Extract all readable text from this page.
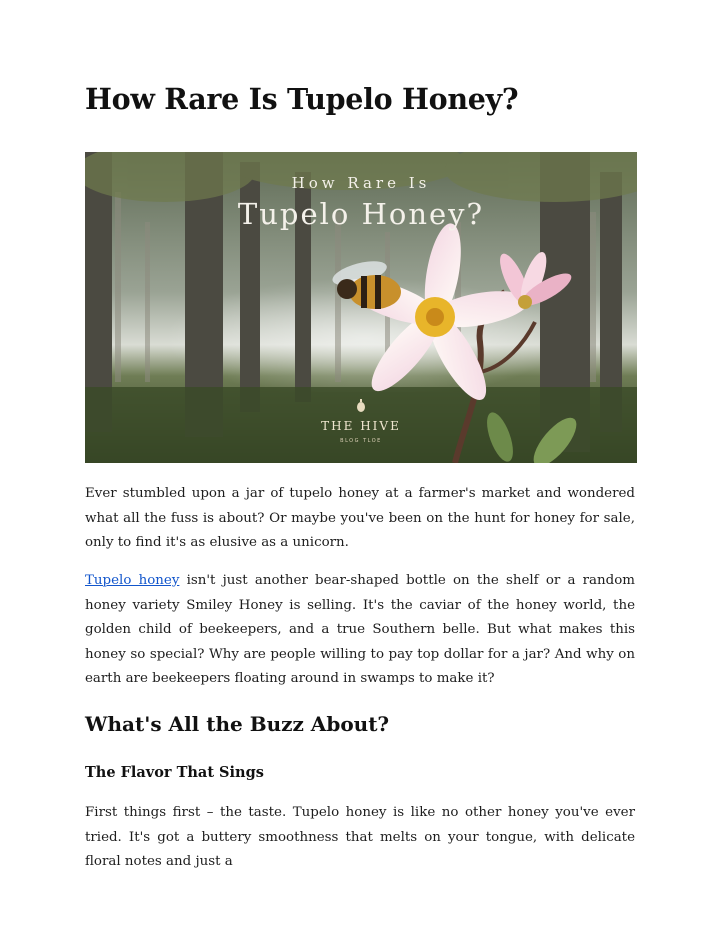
How Rare Is Tupelo Honey?
How Rare Is
Tupelo Honey?
THE HIVE
BLOG TLOE

Ever stumbled upon a jar of tupelo honey at a farmer's market and wondered what all the fuss is about? Or maybe you've been on the hunt for honey for sale, only to find it's as elusive as a unicorn.

Tupelo honey isn't just another bear-shaped bottle on the shelf or a random honey variety Smiley Honey is selling. It's the caviar of the honey world, the golden child of beekeepers, and a true Southern belle. But what makes this honey so special? Why are people willing to pay top dollar for a jar? And why on earth are beekeepers floating around in swamps to make it?

What's All the Buzz About?
The Flavor That Sings

First things first – the taste. Tupelo honey is like no other honey you've ever tried. It's got a buttery smoothness that melts on your tongue, with delicate floral notes and just a
